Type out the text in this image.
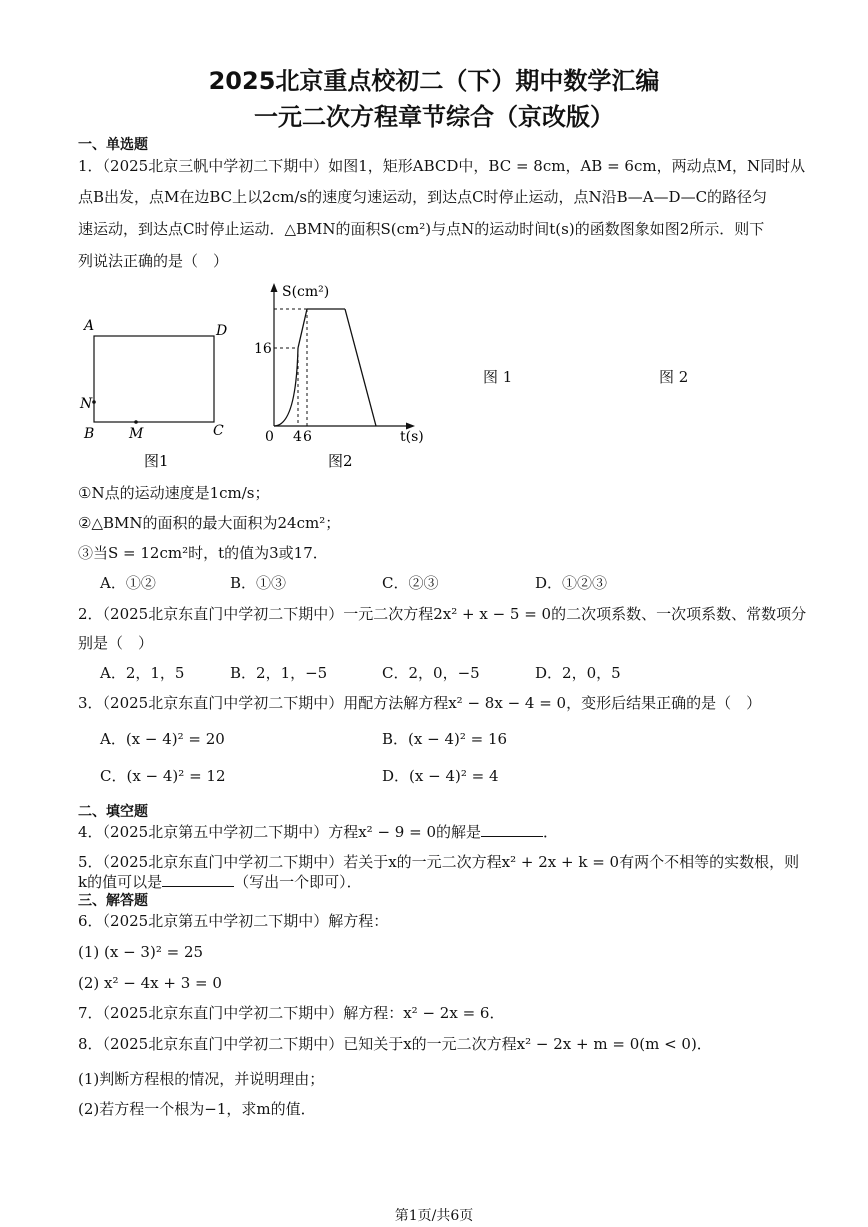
2025北京重点校初二（下）期中数学汇编
一元二次方程章节综合（京改版）
一、单选题
1．（2025北京三帆中学初二下期中）如图1，矩形ABCD中，BC = 8cm，AB = 6cm，两动点M，N同时从
点B出发，点M在边BC上以2cm/s的速度匀速运动，到达点C时停止运动，点N沿B—A—D—C的路径匀
速运动，到达点C时停止运动．△BMN的面积S(cm²)与点N的运动时间t(s)的函数图象如图2所示．则下
列说法正确的是（　）
A	D
N
B M	C
图1
S(cm²)
16
0 4 6	t(s)
图2
图 1	图 2
①N点的运动速度是1cm/s；
②△BMN的面积的最大面积为24cm²；
③当S = 12cm²时，t的值为3或17．
A．①②	B．①③	C．②③	D．①②③
2．（2025北京东直门中学初二下期中）一元二次方程2x² + x − 5 = 0的二次项系数、一次项系数、常数项分
别是（　）
A．2，1，5	B．2，1，−5	C．2，0，−5	D．2，0，5
3．（2025北京东直门中学初二下期中）用配方法解方程x² − 8x − 4 = 0，变形后结果正确的是（　）
A．(x − 4)² = 20	B．(x − 4)² = 16
C．(x − 4)² = 12	D．(x − 4)² = 4
二、填空题
4．（2025北京第五中学初二下期中）方程x² − 9 = 0的解是	．
5．（2025北京东直门中学初二下期中）若关于x的一元二次方程x² + 2x + k = 0有两个不相等的实数根，则
k的值可以是	（写出一个即可）．
三、解答题
6．（2025北京第五中学初二下期中）解方程：
(1) (x − 3)² = 25
(2) x² − 4x + 3 = 0
7．（2025北京东直门中学初二下期中）解方程：x² − 2x = 6．
8．（2025北京东直门中学初二下期中）已知关于x的一元二次方程x² − 2x + m = 0(m < 0)．
(1)判断方程根的情况，并说明理由；
(2)若方程一个根为−1，求m的值．
第1页/共6页
